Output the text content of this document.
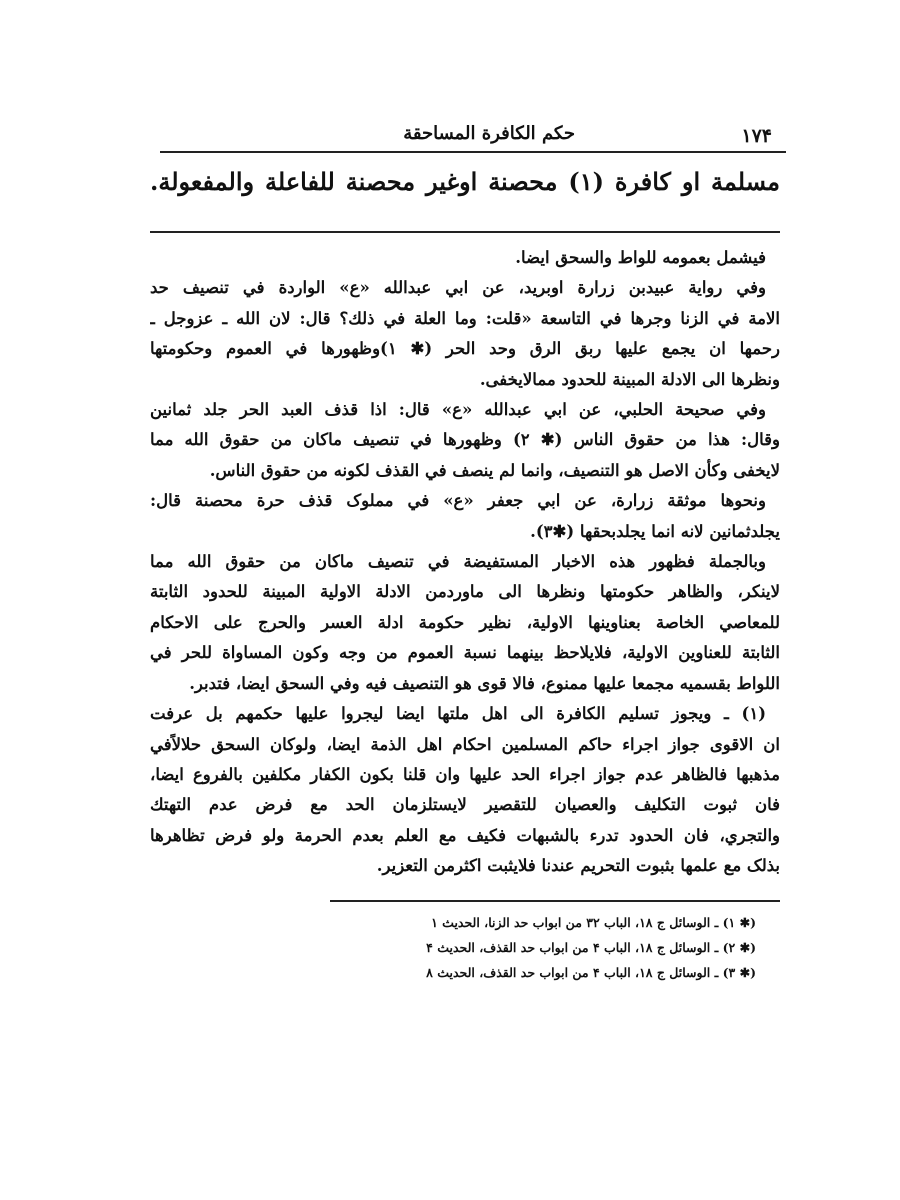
١٧۴
حکم الکافرة المساحقة
مسلمة او كافرة (١) محصنة اوغير محصنة للفاعلة والمفعولة.
فيشمل بعمومه للواط والسحق ايضا.
وفي رواية عبيدبن زرارة اوبريد، عن ابي عبدالله «ع» الواردة في تنصيف حد
الامة في الزنا وجرها في التاسعة «قلت: وما العلة في ذلك؟ قال: لان الله ـ عزوجل ـ
رحمها ان يجمع عليها ربق الرق وحد الحر (✱ ١)وظهورها في العموم وحكومتها
ونظرها الى الادلة المبينة للحدود ممالايخفى.
وفي صحيحة الحلبي، عن ابي عبدالله «ع» قال: اذا قذف العبد الحر جلد ثمانين
وقال: هذا من حقوق الناس (✱ ٢) وظهورها في تنصيف ماكان من حقوق الله مما
لايخفى وكأن الاصل هو التنصيف، وانما لم ينصف في القذف لكونه من حقوق الناس.
ونحوها موثقة زرارة، عن ابي جعفر «ع» في مملوک قذف حرة محصنة قال:
يجلدثمانين لانه انما يجلدبحقها (✱٣).
وبالجملة فظهور هذه الاخبار المستفيضة في تنصيف ماكان من حقوق الله مما
لاينكر، والظاهر حكومتها ونظرها الى ماوردمن الادلة الاولية المبينة للحدود الثابتة
للمعاصي الخاصة بعناوينها الاولية، نظير حكومة ادلة العسر والحرج على الاحكام
الثابتة للعناوين الاولية، فلايلاحظ بينهما نسبة العموم من وجه وكون المساواة للحر في
اللواط بقسميه مجمعا عليها ممنوع، فالا قوى هو التنصيف فيه وفي السحق ايضا، فتدبر.
(١) ـ ويجوز تسليم الكافرة الى اهل ملتها ايضا ليجروا عليها حكمهم بل عرفت
ان الاقوى جواز اجراء حاكم المسلمين احكام اهل الذمة ايضا، ولوكان السحق حلالاًفي
مذهبها فالظاهر عدم جواز اجراء الحد عليها وان قلنا بكون الكفار مكلفين بالفروع ايضا،
فان ثبوت التكليف والعصيان للتقصير لايستلزمان الحد مع فرض عدم التهتك
والتجري، فان الحدود تدرء بالشبهات فكيف مع العلم بعدم الحرمة ولو فرض تظاهرها
بذلک مع علمها بثبوت التحريم عندنا فلايثبت اكثرمن التعزير.
(✱ ١) ـ الوسائل ج ١٨، الباب ٣٢ من ابواب حد الزنا، الحديث ١
(✱ ٢) ـ الوسائل ج ١٨، الباب ۴ من ابواب حد القذف، الحديث ۴
(✱ ٣) ـ الوسائل ج ١٨، الباب ۴ من ابواب حد القذف، الحديث ٨
